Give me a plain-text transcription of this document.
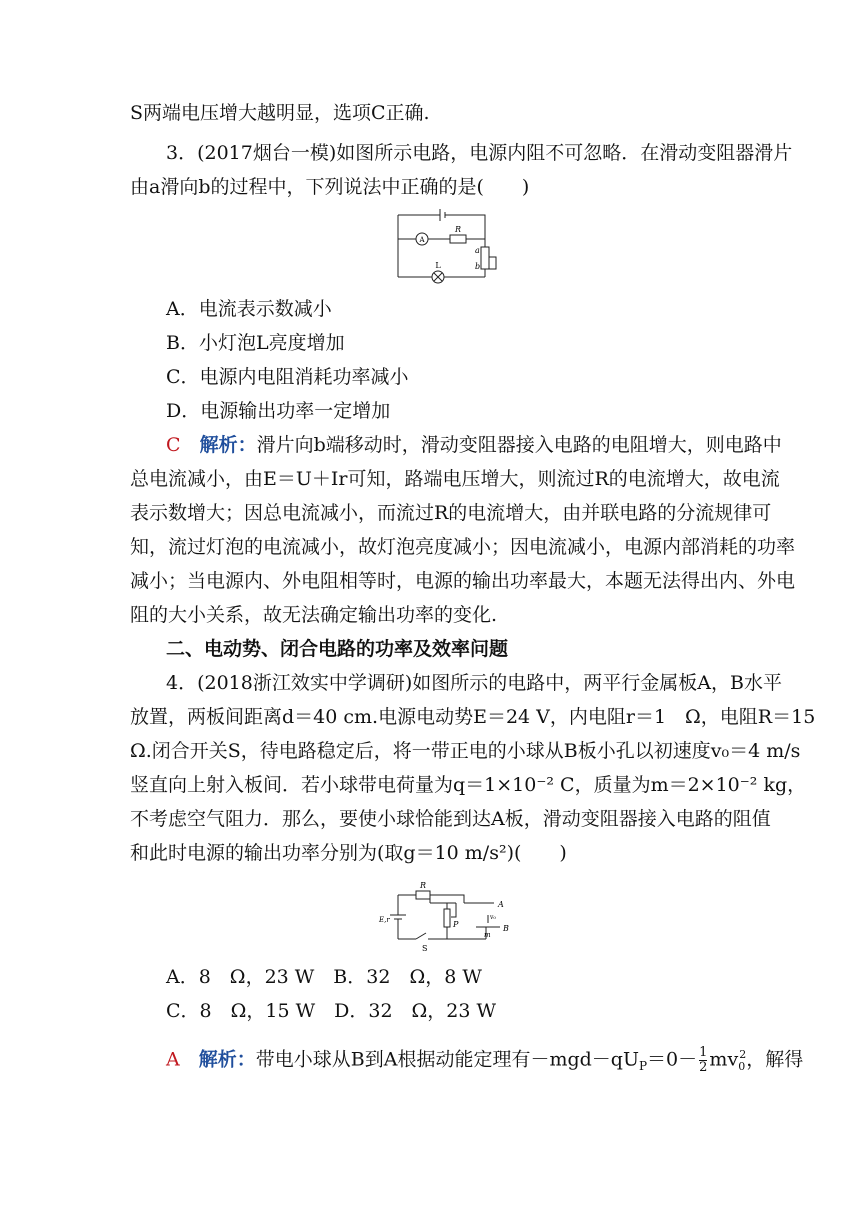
S两端电压增大越明显，选项C正确.
3．(2017烟台一模)如图所示电路，电源内阻不可忽略．在滑动变阻器滑片
由a滑向b的过程中，下列说法中正确的是(　　)
A
R
L
a
b
A．电流表示数减小
B．小灯泡L亮度增加
C．电源内电阻消耗功率减小
D．电源输出功率一定增加
C　 解析：滑片向b端移动时，滑动变阻器接入电路的电阻增大，则电路中
总电流减小，由E＝U＋Ir可知，路端电压增大，则流过R的电流增大，故电流
表示数增大；因总电流减小，而流过R的电流增大，由并联电路的分流规律可
知，流过灯泡的电流减小，故灯泡亮度减小；因电流减小，电源内部消耗的功率
减小；当电源内、外电阻相等时，电源的输出功率最大，本题无法得出内、外电
阻的大小关系，故无法确定输出功率的变化.
二、电动势、闭合电路的功率及效率问题
4．(2018浙江效实中学调研)如图所示的电路中，两平行金属板A，B水平
放置，两板间距离d＝40 cm.电源电动势E＝24 V，内电阻r＝1　Ω，电阻R＝15
Ω.闭合开关S，待电路稳定后，将一带正电的小球从B板小孔以初速度v₀＝4 m/s
竖直向上射入板间．若小球带电荷量为q＝1×10⁻² C，质量为m＝2×10⁻² kg，
不考虑空气阻力．那么，要使小球恰能到达A板，滑动变阻器接入电路的阻值
和此时电源的输出功率分别为(取g＝10 m/s²)(　　)
R
E,r
S
P
A
B
v₀
m
A．8　Ω，23 W　B．32　Ω，8 W
C．8　Ω，15 W　D．32　Ω，23 W
A　 解析：带电小球从B到A根据动能定理有$-mgd-qU_P=0- \frac{1}{2} mv_0^2$，解得
